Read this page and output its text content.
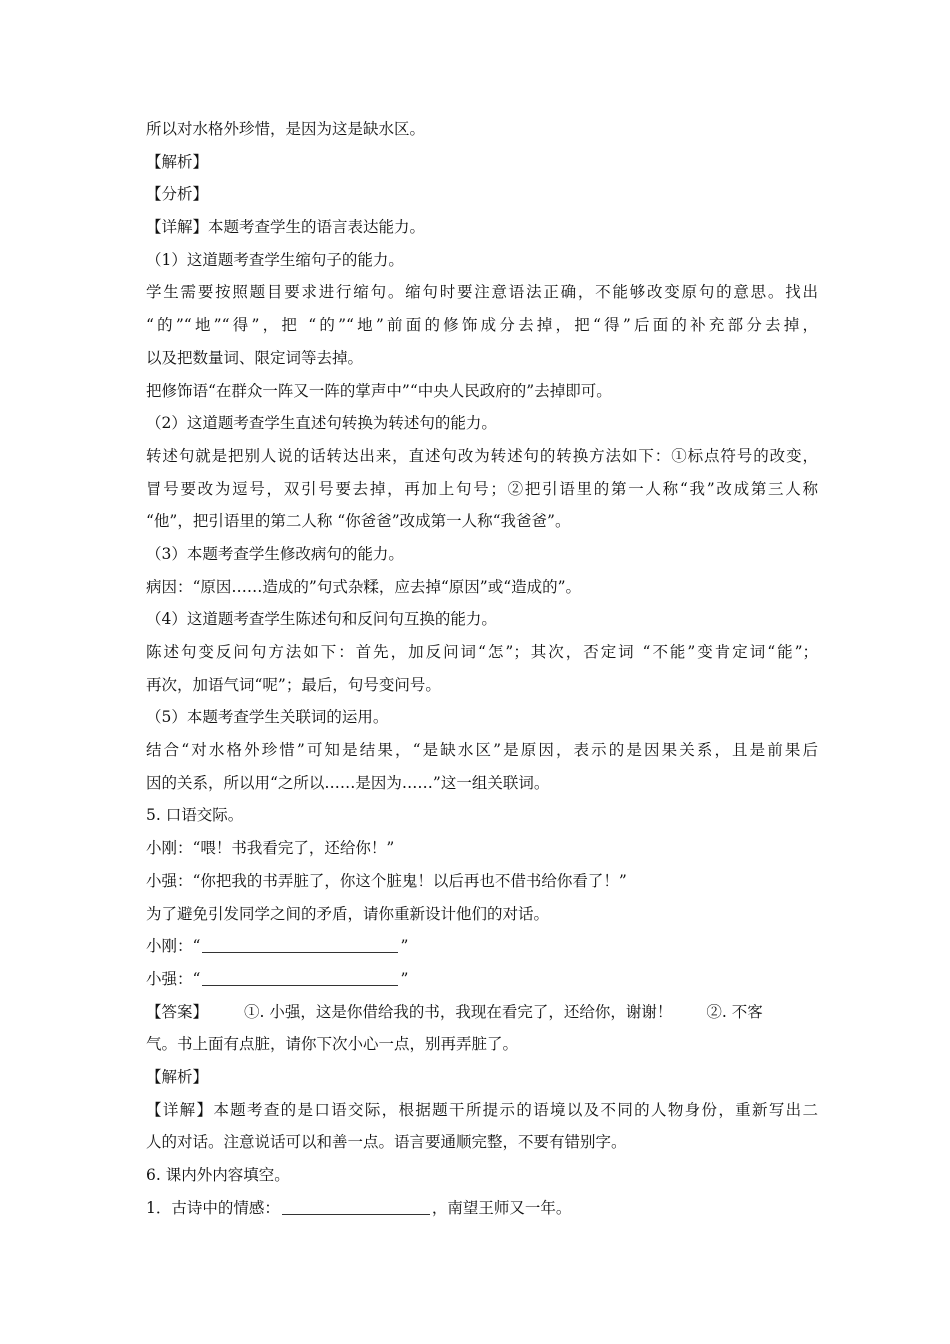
所以对水格外珍惜，是因为这是缺水区。
【解析】
【分析】
【详解】本题考查学生的语言表达能力。
（1）这道题考查学生缩句子的能力。
学生需要按照题目要求进行缩句。缩句时要注意语法正确，不能够改变原句的意思。找出
“的”“地”“得”，把 “的”“地”前面的修饰成分去掉，把“得”后面的补充部分去掉，
以及把数量词、限定词等去掉。
把修饰语“在群众一阵又一阵的掌声中”“中央人民政府的”去掉即可。
（2）这道题考查学生直述句转换为转述句的能力。
转述句就是把别人说的话转达出来，直述句改为转述句的转换方法如下：①标点符号的改变，
冒号要改为逗号，双引号要去掉，再加上句号；②把引语里的第一人称“我”改成第三人称
“他”，把引语里的第二人称 “你爸爸”改成第一人称“我爸爸”。
（3）本题考查学生修改病句的能力。
病因：“原因……造成的”句式杂糅，应去掉“原因”或“造成的”。
（4）这道题考查学生陈述句和反问句互换的能力。
陈述句变反问句方法如下：首先，加反问词“怎”；其次，否定词 “不能”变肯定词“能”；
再次，加语气词“呢”；最后，句号变问号。
（5）本题考查学生关联词的运用。
结合“对水格外珍惜”可知是结果，“是缺水区”是原因，表示的是因果关系，且是前果后
因的关系，所以用“之所以……是因为……”这一组关联词。
5. 口语交际。
小刚：“喂！书我看完了，还给你！”
小强：“你把我的书弄脏了，你这个脏鬼！以后再也不借书给你看了！”
为了避免引发同学之间的矛盾，请你重新设计他们的对话。
小刚：“	”
小强：“	”
【答案】 ①. 小强，这是你借给我的书，我现在看完了，还给你，谢谢！ ②. 不客
气。书上面有点脏，请你下次小心一点，别再弄脏了。
【解析】
【详解】本题考查的是口语交际，根据题干所提示的语境以及不同的人物身份，重新写出二
人的对话。注意说话可以和善一点。语言要通顺完整，不要有错别字。
6. 课内外内容填空。
1．古诗中的情感：	，南望王师又一年。
